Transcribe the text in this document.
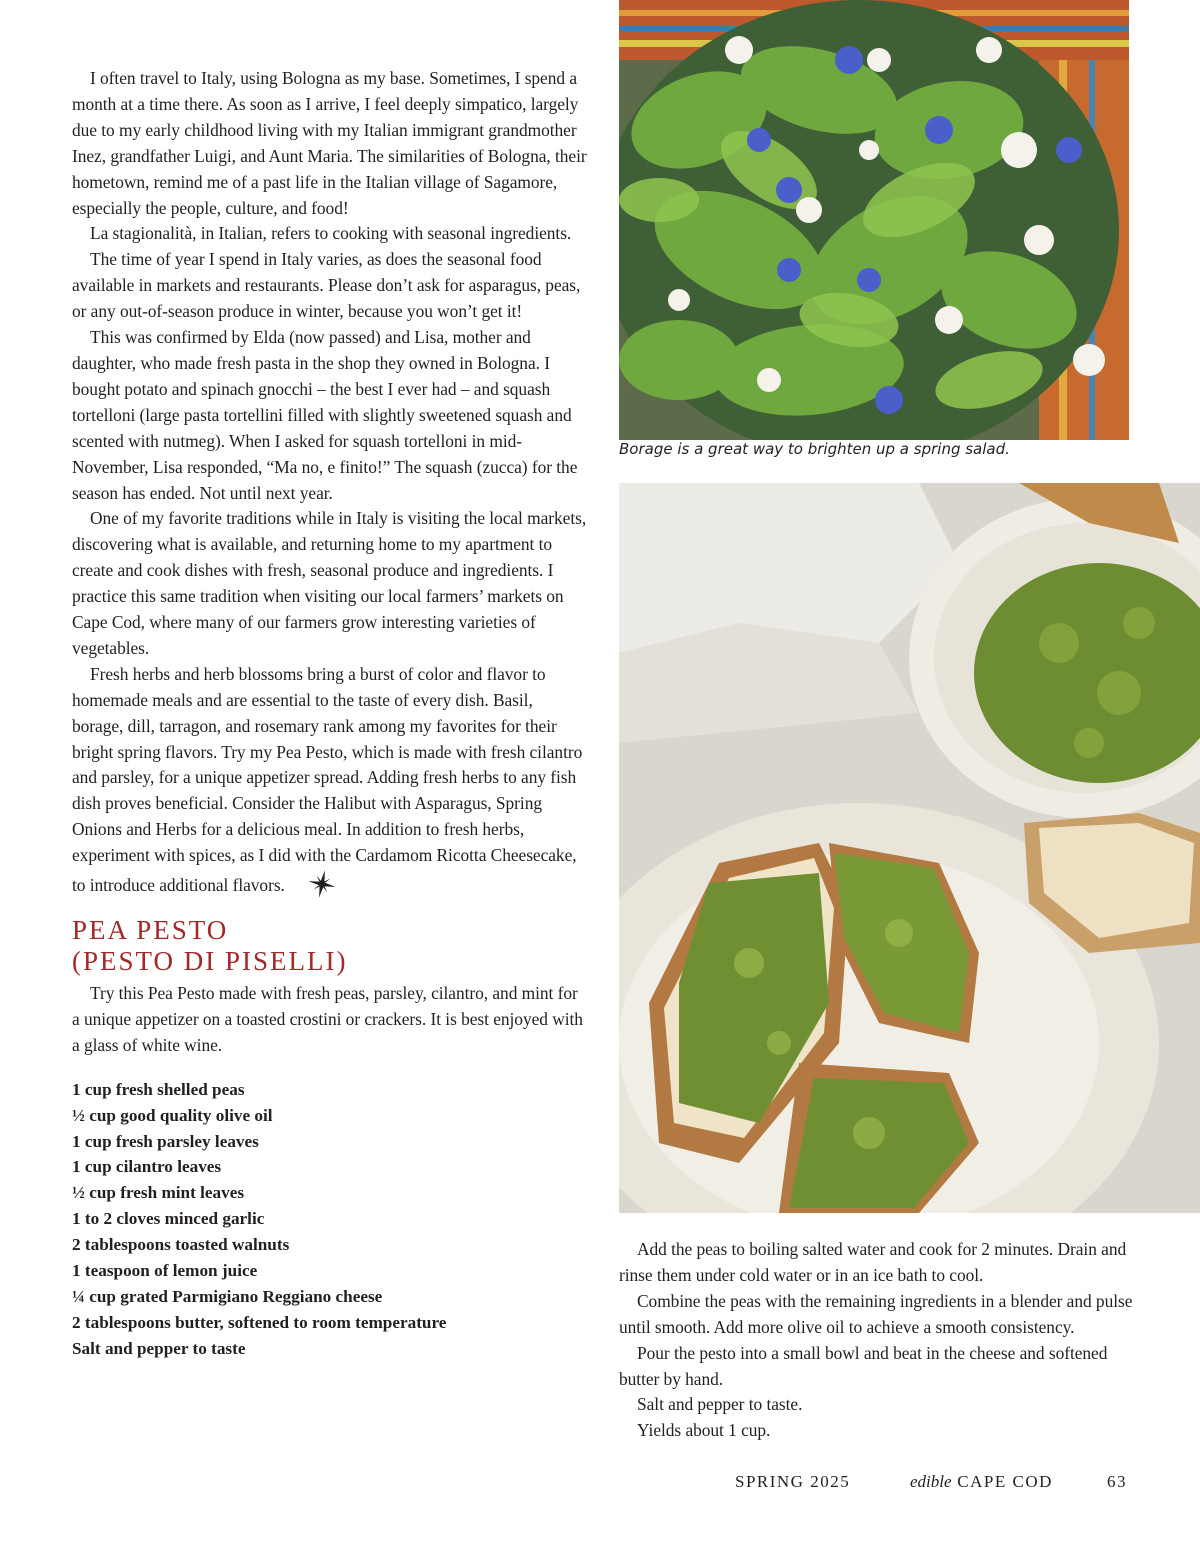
I often travel to Italy, using Bologna as my base. Sometimes, I spend a month at a time there. As soon as I arrive, I feel deeply simpatico, largely due to my early childhood living with my Italian immigrant grandmother Inez, grandfather Luigi, and Aunt Maria. The similarities of Bologna, their hometown, remind me of a past life in the Italian village of Sagamore, especially the people, culture, and food!

La stagionalità, in Italian, refers to cooking with seasonal ingredients.

The time of year I spend in Italy varies, as does the seasonal food available in markets and restaurants. Please don’t ask for asparagus, peas, or any out-of-season produce in winter, because you won’t get it!

This was confirmed by Elda (now passed) and Lisa, mother and daughter, who made fresh pasta in the shop they owned in Bologna. I bought potato and spinach gnocchi – the best I ever had – and squash tortelloni (large pasta tortellini filled with slightly sweetened squash and scented with nutmeg). When I asked for squash tortelloni in mid-November, Lisa responded, “Ma no, e finito!” The squash (zucca) for the season has ended. Not until next year.

One of my favorite traditions while in Italy is visiting the local markets, discovering what is available, and returning home to my apartment to create and cook dishes with fresh, seasonal produce and ingredients. I practice this same tradition when visiting our local farmers’ markets on Cape Cod, where many of our farmers grow interesting varieties of vegetables.

Fresh herbs and herb blossoms bring a burst of color and flavor to homemade meals and are essential to the taste of every dish. Basil, borage, dill, tarragon, and rosemary rank among my favorites for their bright spring flavors. Try my Pea Pesto, which is made with fresh cilantro and parsley, for a unique appetizer spread. Adding fresh herbs to any fish dish proves beneficial. Consider the Halibut with Asparagus, Spring Onions and Herbs for a delicious meal. In addition to fresh herbs, experiment with spices, as I did with the Cardamom Ricotta Cheesecake, to introduce additional flavors.

PEA PESTO
(PESTO DI PISELLI)

Try this Pea Pesto made with fresh peas, parsley, cilantro, and mint for a unique appetizer on a toasted crostini or crackers. It is best enjoyed with a glass of white wine.

1 cup fresh shelled peas
½ cup good quality olive oil
1 cup fresh parsley leaves
1 cup cilantro leaves
½ cup fresh mint leaves
1 to 2 cloves minced garlic
2 tablespoons toasted walnuts
1 teaspoon of lemon juice
¼ cup grated Parmigiano Reggiano cheese
2 tablespoons butter, softened to room temperature
Salt and pepper to taste

Borage is a great way to brighten up a spring salad.

Add the peas to boiling salted water and cook for 2 minutes. Drain and rinse them under cold water or in an ice bath to cool.

Combine the peas with the remaining ingredients in a blender and pulse until smooth. Add more olive oil to achieve a smooth consistency.

Pour the pesto into a small bowl and beat in the cheese and softened butter by hand.

Salt and pepper to taste.

Yields about 1 cup.

SPRING 2025	edible CAPE COD	63
